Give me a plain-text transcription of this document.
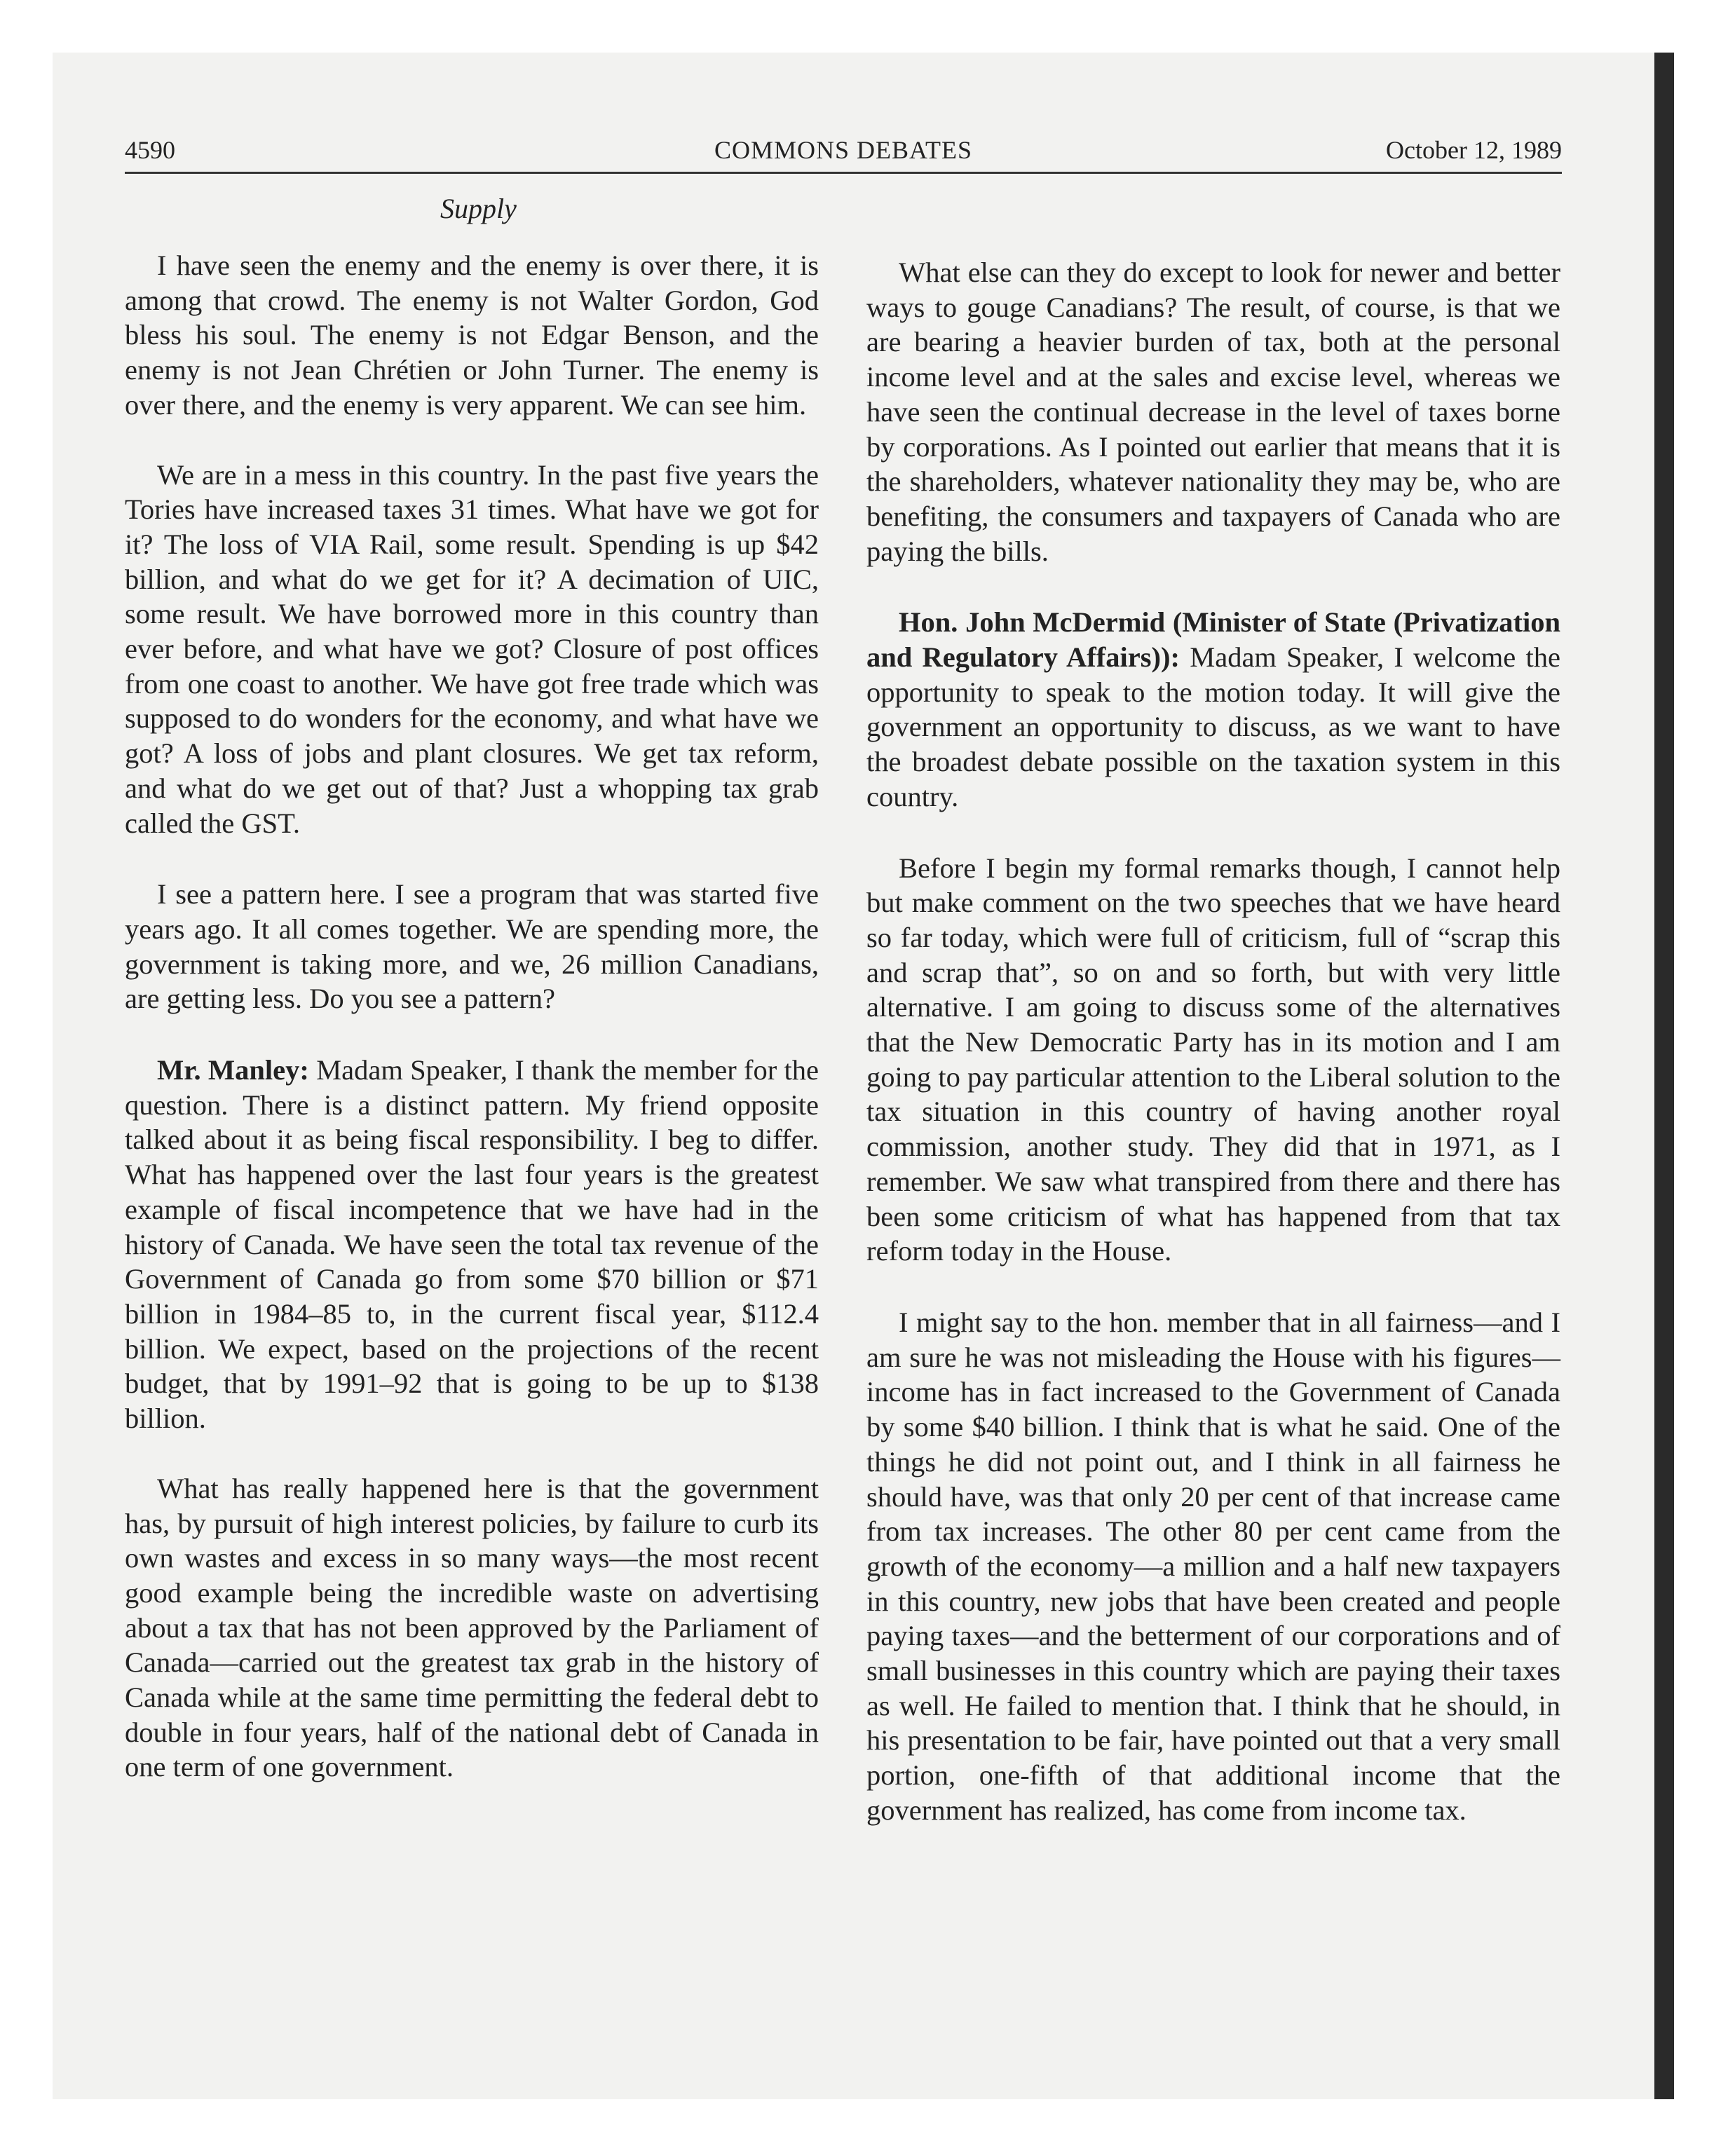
4590	COMMONS DEBATES	October 12, 1989
Supply

I have seen the enemy and the enemy is over there, it is among that crowd. The enemy is not Walter Gordon, God bless his soul. The enemy is not Edgar Benson, and the enemy is not Jean Chrétien or John Turner. The enemy is over there, and the enemy is very apparent. We can see him.

We are in a mess in this country. In the past five years the Tories have increased taxes 31 times. What have we got for it? The loss of VIA Rail, some result. Spending is up $42 billion, and what do we get for it? A decimation of UIC, some result. We have borrowed more in this country than ever before, and what have we got? Closure of post offices from one coast to another. We have got free trade which was supposed to do wonders for the economy, and what have we got? A loss of jobs and plant closures. We get tax reform, and what do we get out of that? Just a whopping tax grab called the GST.

I see a pattern here. I see a program that was started five years ago. It all comes together. We are spending more, the government is taking more, and we, 26 million Canadians, are getting less. Do you see a pattern?

Mr. Manley: Madam Speaker, I thank the member for the question. There is a distinct pattern. My friend opposite talked about it as being fiscal responsibility. I beg to differ. What has happened over the last four years is the greatest example of fiscal incompetence that we have had in the history of Canada. We have seen the total tax revenue of the Government of Canada go from some $70 billion or $71 billion in 1984–85 to, in the current fiscal year, $112.4 billion. We expect, based on the projections of the recent budget, that by 1991–92 that is going to be up to $138 billion.

What has really happened here is that the government has, by pursuit of high interest policies, by failure to curb its own wastes and excess in so many ways—the most recent good example being the incredible waste on advertising about a tax that has not been approved by the Parliament of Canada—carried out the greatest tax grab in the history of Canada while at the same time permitting the federal debt to double in four years, half of the national debt of Canada in one term of one government.

What else can they do except to look for newer and better ways to gouge Canadians? The result, of course, is that we are bearing a heavier burden of tax, both at the personal income level and at the sales and excise level, whereas we have seen the continual decrease in the level of taxes borne by corporations. As I pointed out earlier that means that it is the shareholders, whatever nationality they may be, who are benefiting, the consumers and taxpayers of Canada who are paying the bills.

Hon. John McDermid (Minister of State (Privatization and Regulatory Affairs)): Madam Speaker, I welcome the opportunity to speak to the motion today. It will give the government an opportunity to discuss, as we want to have the broadest debate possible on the taxation system in this country.

Before I begin my formal remarks though, I cannot help but make comment on the two speeches that we have heard so far today, which were full of criticism, full of “scrap this and scrap that”, so on and so forth, but with very little alternative. I am going to discuss some of the alternatives that the New Democratic Party has in its motion and I am going to pay particular attention to the Liberal solution to the tax situation in this country of having another royal commission, another study. They did that in 1971, as I remember. We saw what transpired from there and there has been some criticism of what has happened from that tax reform today in the House.

I might say to the hon. member that in all fairness—and I am sure he was not misleading the House with his figures—income has in fact increased to the Government of Canada by some $40 billion. I think that is what he said. One of the things he did not point out, and I think in all fairness he should have, was that only 20 per cent of that increase came from tax increases. The other 80 per cent came from the growth of the economy—a million and a half new taxpayers in this country, new jobs that have been created and people paying taxes—and the betterment of our corporations and of small businesses in this country which are paying their taxes as well. He failed to mention that. I think that he should, in his presentation to be fair, have pointed out that a very small portion, one-fifth of that additional income that the government has realized, has come from income tax.
